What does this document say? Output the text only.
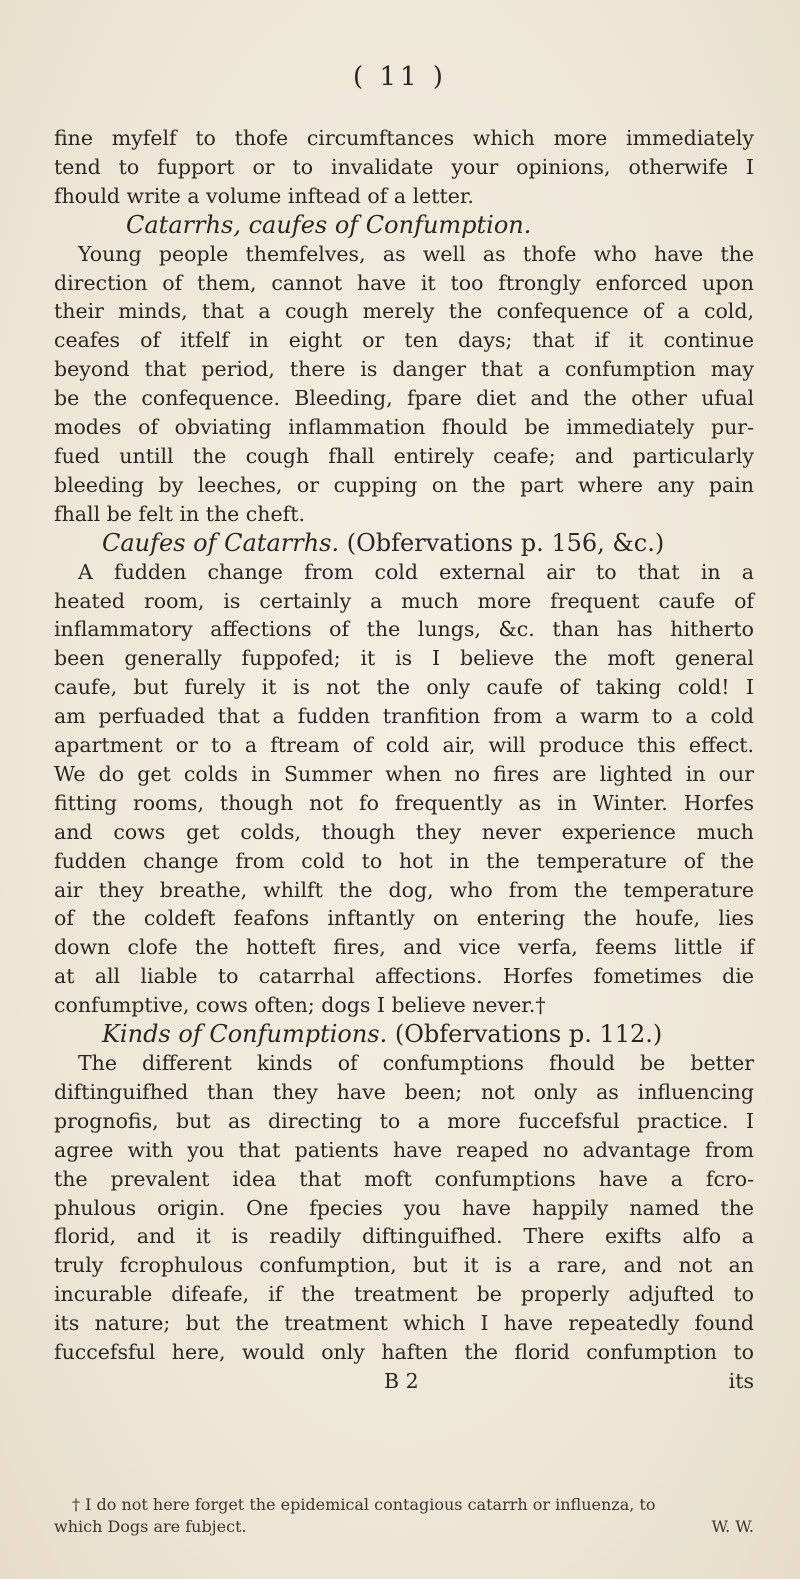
( 11 )
fine myfelf to thofe circumftances which more immediately
tend to fupport or to invalidate your opinions, otherwife I
fhould write a volume inftead of a letter.
Catarrhs, caufes of Confumption.
Young people themfelves, as well as thofe who have the
direction of them, cannot have it too ftrongly enforced upon
their minds, that a cough merely the confequence of a cold,
ceafes of itfelf in eight or ten days; that if it continue
beyond that period, there is danger that a confumption may
be the confequence. Bleeding, fpare diet and the other ufual
modes of obviating inflammation fhould be immediately pur-
fued untill the cough fhall entirely ceafe; and particularly
bleeding by leeches, or cupping on the part where any pain
fhall be felt in the cheft.
Caufes of Catarrhs. (Obfervations p. 156, &c.)
A fudden change from cold external air to that in a
heated room, is certainly a much more frequent caufe of
inflammatory affections of the lungs, &c. than has hitherto
been generally fuppofed; it is I believe the moft general
caufe, but furely it is not the only caufe of taking cold! I
am perfuaded that a fudden tranfition from a warm to a cold
apartment or to a ftream of cold air, will produce this effect.
We do get colds in Summer when no fires are lighted in our
fitting rooms, though not fo frequently as in Winter. Horfes
and cows get colds, though they never experience much
fudden change from cold to hot in the temperature of the
air they breathe, whilft the dog, who from the temperature
of the coldeft feafons inftantly on entering the houfe, lies
down clofe the hotteft fires, and vice verfa, feems little if
at all liable to catarrhal affections. Horfes fometimes die
confumptive, cows often; dogs I believe never.†
Kinds of Confumptions. (Obfervations p. 112.)
The different kinds of confumptions fhould be better
diftinguifhed than they have been; not only as influencing
prognofis, but as directing to a more fuccefsful practice. I
agree with you that patients have reaped no advantage from
the prevalent idea that moft confumptions have a fcro-
phulous origin. One fpecies you have happily named the
florid, and it is readily diftinguifhed. There exifts alfo a
truly fcrophulous confumption, but it is a rare, and not an
incurable difeafe, if the treatment be properly adjufted to
its nature; but the treatment which I have repeatedly found
fuccefsful here, would only haften the florid confumption to
B 2	its
† I do not here forget the epidemical contagious catarrh or influenza, to
which Dogs are fubject.	W. W.
